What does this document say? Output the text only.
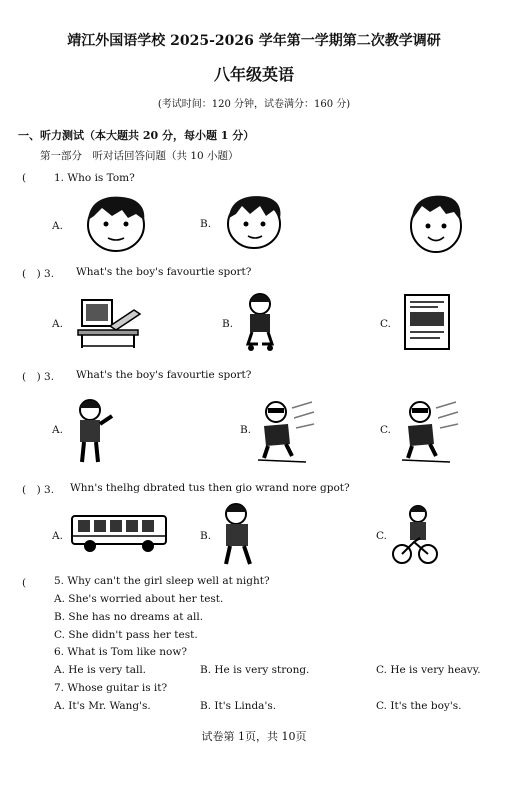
靖江外国语学校 2025-2026 学年第一学期第二次教学调研
八年级英语
(考试时间：120 分钟，试卷满分：160 分)
一、听力测试（本大题共 20 分，每小题 1 分）
第一部分　听对话回答问题（共 10 小题）
(	1. Who is Tom?
A.	B.
(　) 3. What's the boy's favourtie sport?
A.	B.	C.
(　) 3. What's the boy's favourtie sport?
A.	B.	C.
(　) 3. Whn's thelhg dbrated tus then gio wrand nore gpot?
A.	B.	C.
(　 5. Why can't the girl sleep well at night?
A. She's worried about her test.
B. She has no dreams at all.
C. She didn't pass her test.
6. What is Tom like now?
A. He is very tall.	B. He is very strong.	C. He is very heavy.
7. Whose guitar is it?
A. It's Mr. Wang's.	B. It's Linda's.	C. It's the boy's.
试卷第 1页，共 10页
